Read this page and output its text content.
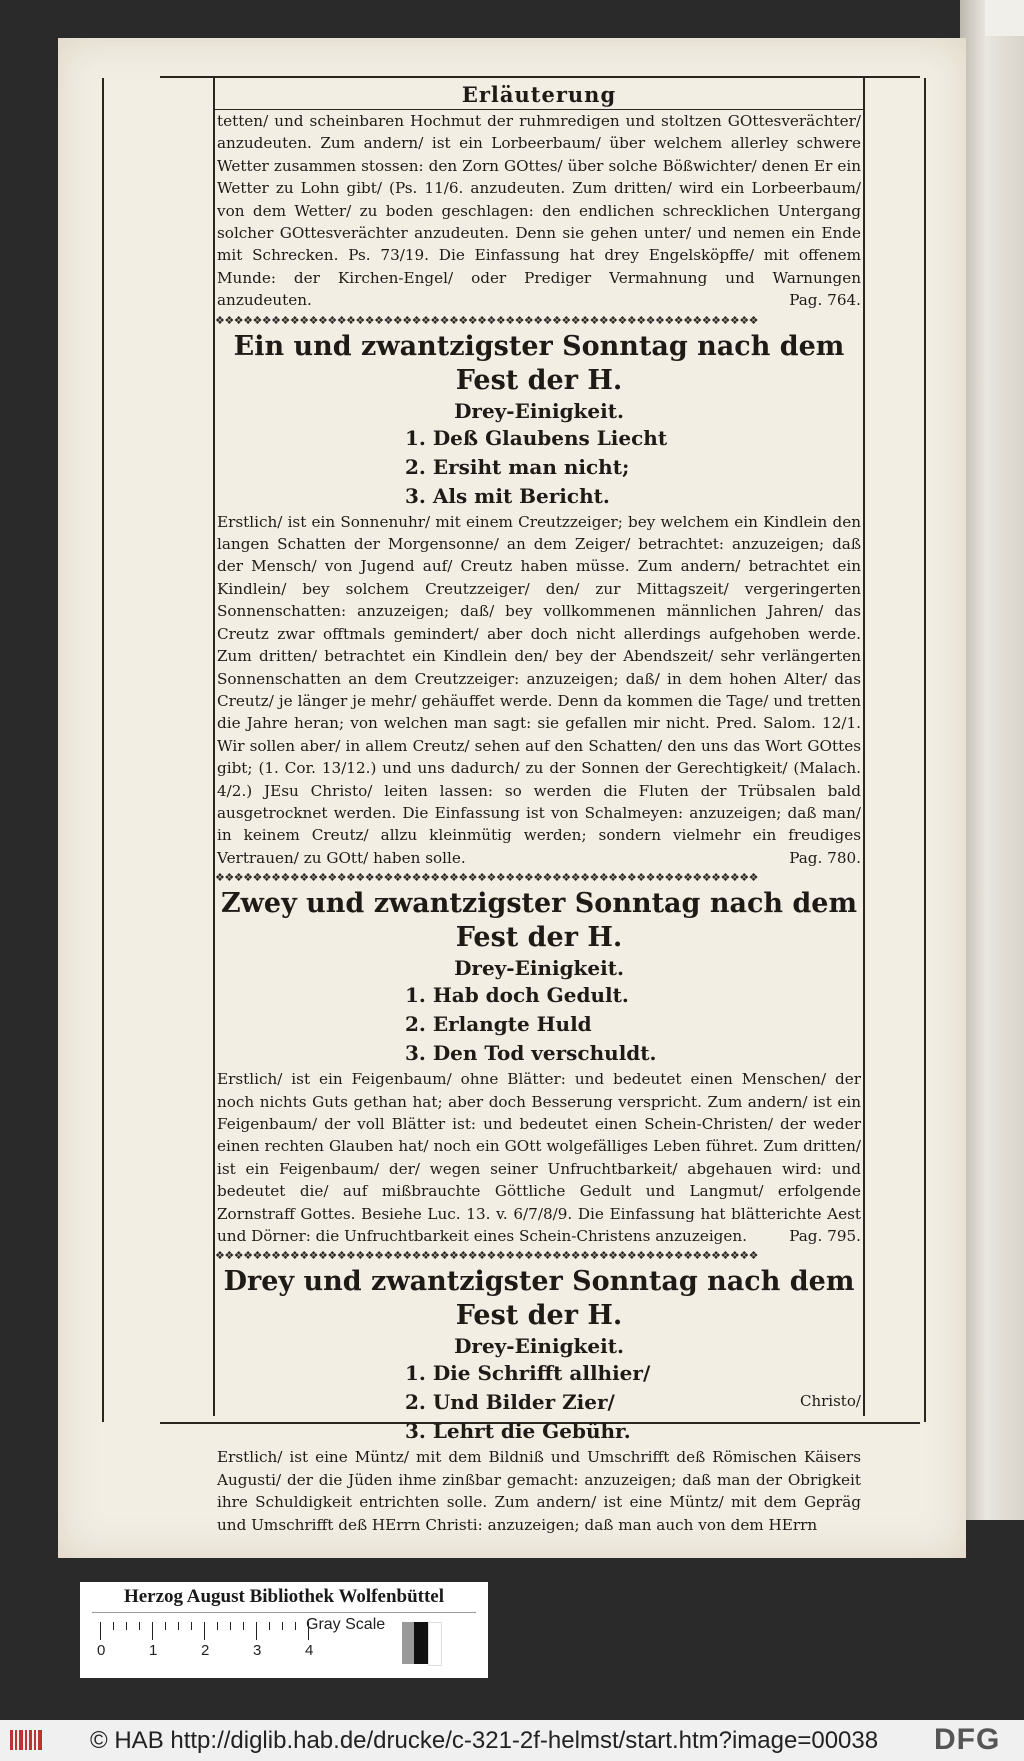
Erläuterung
tetten/ und scheinbaren Hochmut der ruhmredigen und stoltzen GOttesverächter/ anzudeuten. Zum andern/ ist ein Lorbeerbaum/ über welchem allerley schwere Wetter zusammen stossen: den Zorn GOttes/ über solche Bößwichter/ denen Er ein Wetter zu Lohn gibt/ (Ps. 11/6. anzudeuten. Zum dritten/ wird ein Lorbeerbaum/ von dem Wetter/ zu boden geschlagen: den endlichen schrecklichen Untergang solcher GOttesverächter anzudeuten. Denn sie gehen unter/ und nemen ein Ende mit Schrecken. Ps. 73/19. Die Einfassung hat drey Engelsköpffe/ mit offenem Munde: der Kirchen-Engel/ oder Prediger Vermahnung und Warnungen anzudeuten.	Pag. 764.
❖❖❖❖❖❖❖❖❖❖❖❖❖❖❖❖❖❖❖❖❖❖❖❖❖❖❖❖❖❖❖❖❖❖❖❖❖❖❖❖❖❖❖❖❖❖❖❖❖❖❖❖❖❖❖❖❖❖
Ein und zwantzigster Sonntag nach dem Fest der H.
Drey-Einigkeit.
1. Deß Glaubens Liecht
2. Ersiht man nicht;
3. Als mit Bericht.
Erstlich/ ist ein Sonnenuhr/ mit einem Creutzzeiger; bey welchem ein Kindlein den langen Schatten der Morgensonne/ an dem Zeiger/ betrachtet: anzuzeigen; daß der Mensch/ von Jugend auf/ Creutz haben müsse. Zum andern/ betrachtet ein Kindlein/ bey solchem Creutzzeiger/ den/ zur Mittagszeit/ vergeringerten Sonnenschatten: anzuzeigen; daß/ bey vollkommenen männlichen Jahren/ das Creutz zwar offtmals gemindert/ aber doch nicht allerdings aufgehoben werde. Zum dritten/ betrachtet ein Kindlein den/ bey der Abendszeit/ sehr verlängerten Sonnenschatten an dem Creutzzeiger: anzuzeigen; daß/ in dem hohen Alter/ das Creutz/ je länger je mehr/ gehäuffet werde. Denn da kommen die Tage/ und tretten die Jahre heran; von welchen man sagt: sie gefallen mir nicht. Pred. Salom. 12/1. Wir sollen aber/ in allem Creutz/ sehen auf den Schatten/ den uns das Wort GOttes gibt; (1. Cor. 13/12.) und uns dadurch/ zu der Sonnen der Gerechtigkeit/ (Malach. 4/2.) JEsu Christo/ leiten lassen: so werden die Fluten der Trübsalen bald ausgetrocknet werden. Die Einfassung ist von Schalmeyen: anzuzeigen; daß man/ in keinem Creutz/ allzu kleinmütig werden; sondern vielmehr ein freudiges Vertrauen/ zu GOtt/ haben solle.	Pag. 780.
❖❖❖❖❖❖❖❖❖❖❖❖❖❖❖❖❖❖❖❖❖❖❖❖❖❖❖❖❖❖❖❖❖❖❖❖❖❖❖❖❖❖❖❖❖❖❖❖❖❖❖❖❖❖❖❖❖❖
Zwey und zwantzigster Sonntag nach dem Fest der H.
Drey-Einigkeit.
1. Hab doch Gedult.
2. Erlangte Huld
3. Den Tod verschuldt.
Erstlich/ ist ein Feigenbaum/ ohne Blätter: und bedeutet einen Menschen/ der noch nichts Guts gethan hat; aber doch Besserung verspricht. Zum andern/ ist ein Feigenbaum/ der voll Blätter ist: und bedeutet einen Schein-Christen/ der weder einen rechten Glauben hat/ noch ein GOtt wolgefälliges Leben führet. Zum dritten/ ist ein Feigenbaum/ der/ wegen seiner Unfruchtbarkeit/ abgehauen wird: und bedeutet die/ auf mißbrauchte Göttliche Gedult und Langmut/ erfolgende Zornstraff Gottes. Besiehe Luc. 13. v. 6/7/8/9. Die Einfassung hat blätterichte Aest und Dörner: die Unfruchtbarkeit eines Schein-Christens anzuzeigen.	Pag. 795.
❖❖❖❖❖❖❖❖❖❖❖❖❖❖❖❖❖❖❖❖❖❖❖❖❖❖❖❖❖❖❖❖❖❖❖❖❖❖❖❖❖❖❖❖❖❖❖❖❖❖❖❖❖❖❖❖❖❖
Drey und zwantzigster Sonntag nach dem Fest der H.
Drey-Einigkeit.
1. Die Schrifft allhier/
2. Und Bilder Zier/
3. Lehrt die Gebühr.
Erstlich/ ist eine Müntz/ mit dem Bildniß und Umschrifft deß Römischen Käisers Augusti/ der die Jüden ihme zinßbar gemacht: anzuzeigen; daß man der Obrigkeit ihre Schuldigkeit entrichten solle. Zum andern/ ist eine Müntz/ mit dem Gepräg und Umschrifft deß HErrn Christi: anzuzeigen; daß man auch von dem HErrn
Christo/
Herzog August Bibliothek Wolfenbüttel
0	1	2	3	4
Gray Scale
© HAB http://diglib.hab.de/drucke/c-321-2f-helmst/start.htm?image=00038 DFG
